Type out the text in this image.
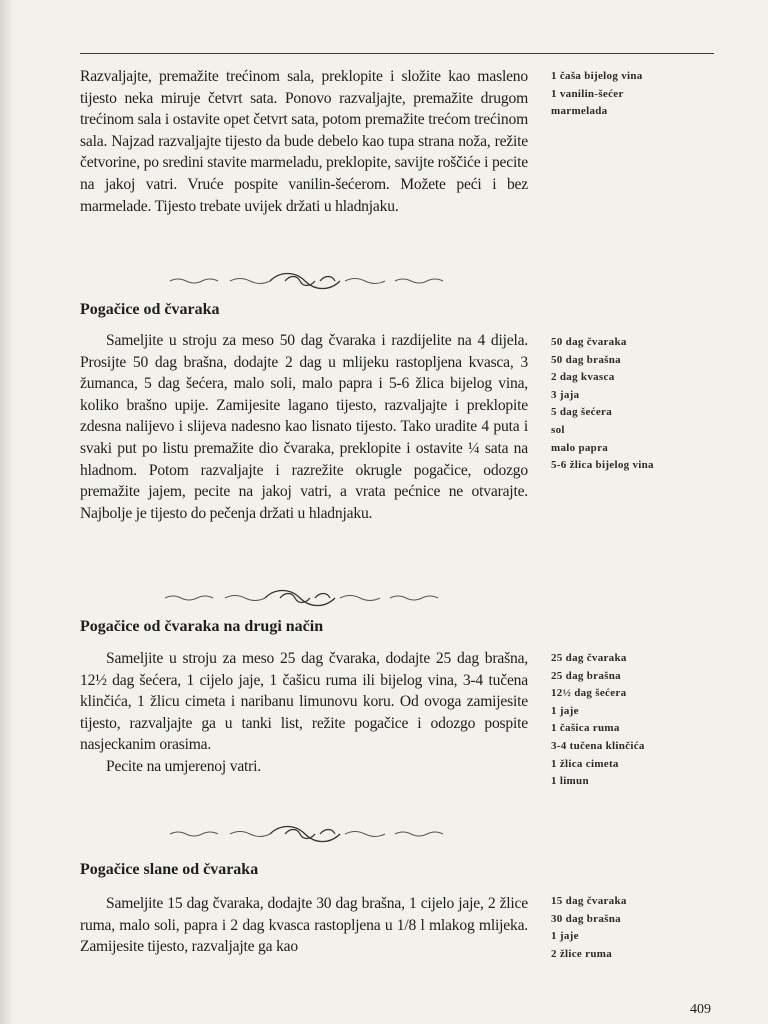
Razvaljajte, premažite trećinom sala, preklopite i složite kao masleno tijesto neka miruje četvrt sata. Ponovo razvaljajte, premažite drugom trećinom sala i ostavite opet četvrt sata, potom premažite trećom trećinom sala. Najzad razvaljajte tijesto da bude debelo kao tupa strana noža, režite četvorine, po sredini stavite marmeladu, preklopite, savijte roščiće i pecite na jakoj vatri. Vruće pospite vanilin-šećerom. Možete peći i bez marmelade. Tijesto trebate uvijek držati u hladnjaku.

1 čaša bijelog vina
1 vanilin-šećer
marmelada
Pogačice od čvaraka

Sameljite u stroju za meso 50 dag čvaraka i razdijelite na 4 dijela. Prosijte 50 dag brašna, dodajte 2 dag u mlijeku rastopljena kvasca, 3 žumanca, 5 dag šećera, malo soli, malo papra i 5-6 žlica bijelog vina, koliko brašno upije. Zamijesite lagano tijesto, razvaljajte i preklopite zdesna nalijevo i slijeva nadesno kao lisnato tijesto. Tako uradite 4 puta i svaki put po listu premažite dio čvaraka, preklopite i ostavite ¼ sata na hladnom. Potom razvaljajte i razrežite okrugle pogačice, odozgo premažite jajem, pecite na jakoj vatri, a vrata pećnice ne otvarajte. Najbolje je tijesto do pečenja držati u hladnjaku.

50 dag čvaraka
50 dag brašna
2 dag kvasca
3 jaja
5 dag šećera
sol
malo papra
5-6 žlica bijelog vina
Pogačice od čvaraka na drugi način

Sameljite u stroju za meso 25 dag čvaraka, dodajte 25 dag brašna, 12½ dag šećera, 1 cijelo jaje, 1 čašicu ruma ili bijelog vina, 3-4 tučena klinčića, 1 žlicu cimeta i naribanu limunovu koru. Od ovoga zamijesite tijesto, razvaljajte ga u tanki list, režite pogačice i odozgo pospite nasjeckanim orasima.

Pecite na umjerenoj vatri.

25 dag čvaraka
25 dag brašna
12½ dag šećera
1 jaje
1 čašica ruma
3-4 tučena klinčića
1 žlica cimeta
1 limun
Pogačice slane od čvaraka

Sameljite 15 dag čvaraka, dodajte 30 dag brašna, 1 cijelo jaje, 2 žlice ruma, malo soli, papra i 2 dag kvasca rastopljena u 1/8 l mlakog mlijeka. Zamijesite tijesto, razvaljajte ga kao

15 dag čvaraka
30 dag brašna
1 jaje
2 žlice ruma
409
